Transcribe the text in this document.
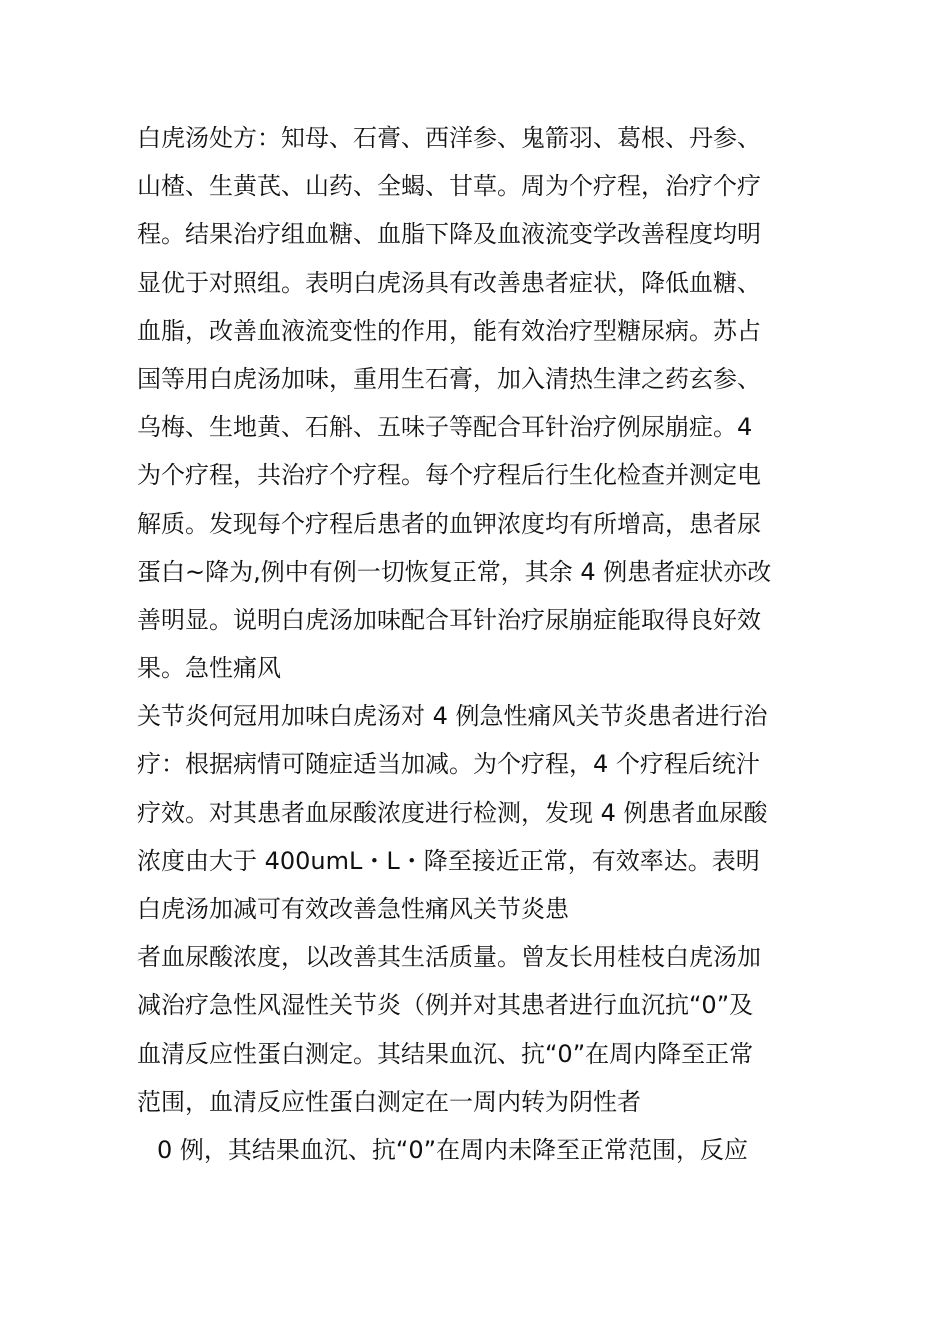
白虎汤处方：知母、石膏、西洋参、鬼箭羽、葛根、丹参、
山楂、生黄芪、山药、全蝎、甘草。周为个疗程，治疗个疗
程。结果治疗组血糖、血脂下降及血液流变学改善程度均明
显优于对照组。表明白虎汤具有改善患者症状，降低血糖、
血脂，改善血液流变性的作用，能有效治疗型糖尿病。苏占
国等用白虎汤加味，重用生石膏，加入清热生津之药玄参、
乌梅、生地黄、石斛、五味子等配合耳针治疗例尿崩症。4
为个疗程，共治疗个疗程。每个疗程后行生化检查并测定电
解质。发现每个疗程后患者的血钾浓度均有所增高，患者尿
蛋白~降为,例中有例一切恢复正常，其余 4 例患者症状亦改
善明显。说明白虎汤加味配合耳针治疗尿崩症能取得良好效
果。急性痛风
关节炎何冠用加味白虎汤对 4 例急性痛风关节炎患者进行治
疗：根据病情可随症适当加减。为个疗程，4 个疗程后统汁
疗效。对其患者血尿酸浓度进行检测，发现 4 例患者血尿酸
浓度由大于 400umL・L・降至接近正常，有效率达。表明
白虎汤加减可有效改善急性痛风关节炎患
者血尿酸浓度，以改善其生活质量。曾友长用桂枝白虎汤加
减治疗急性风湿性关节炎（例并对其患者进行血沉抗“0”及
血清反应性蛋白测定。其结果血沉、抗“0”在周内降至正常
范围，血清反应性蛋白测定在一周内转为阴性者
0 例，其结果血沉、抗“0”在周内未降至正常范围，反应
